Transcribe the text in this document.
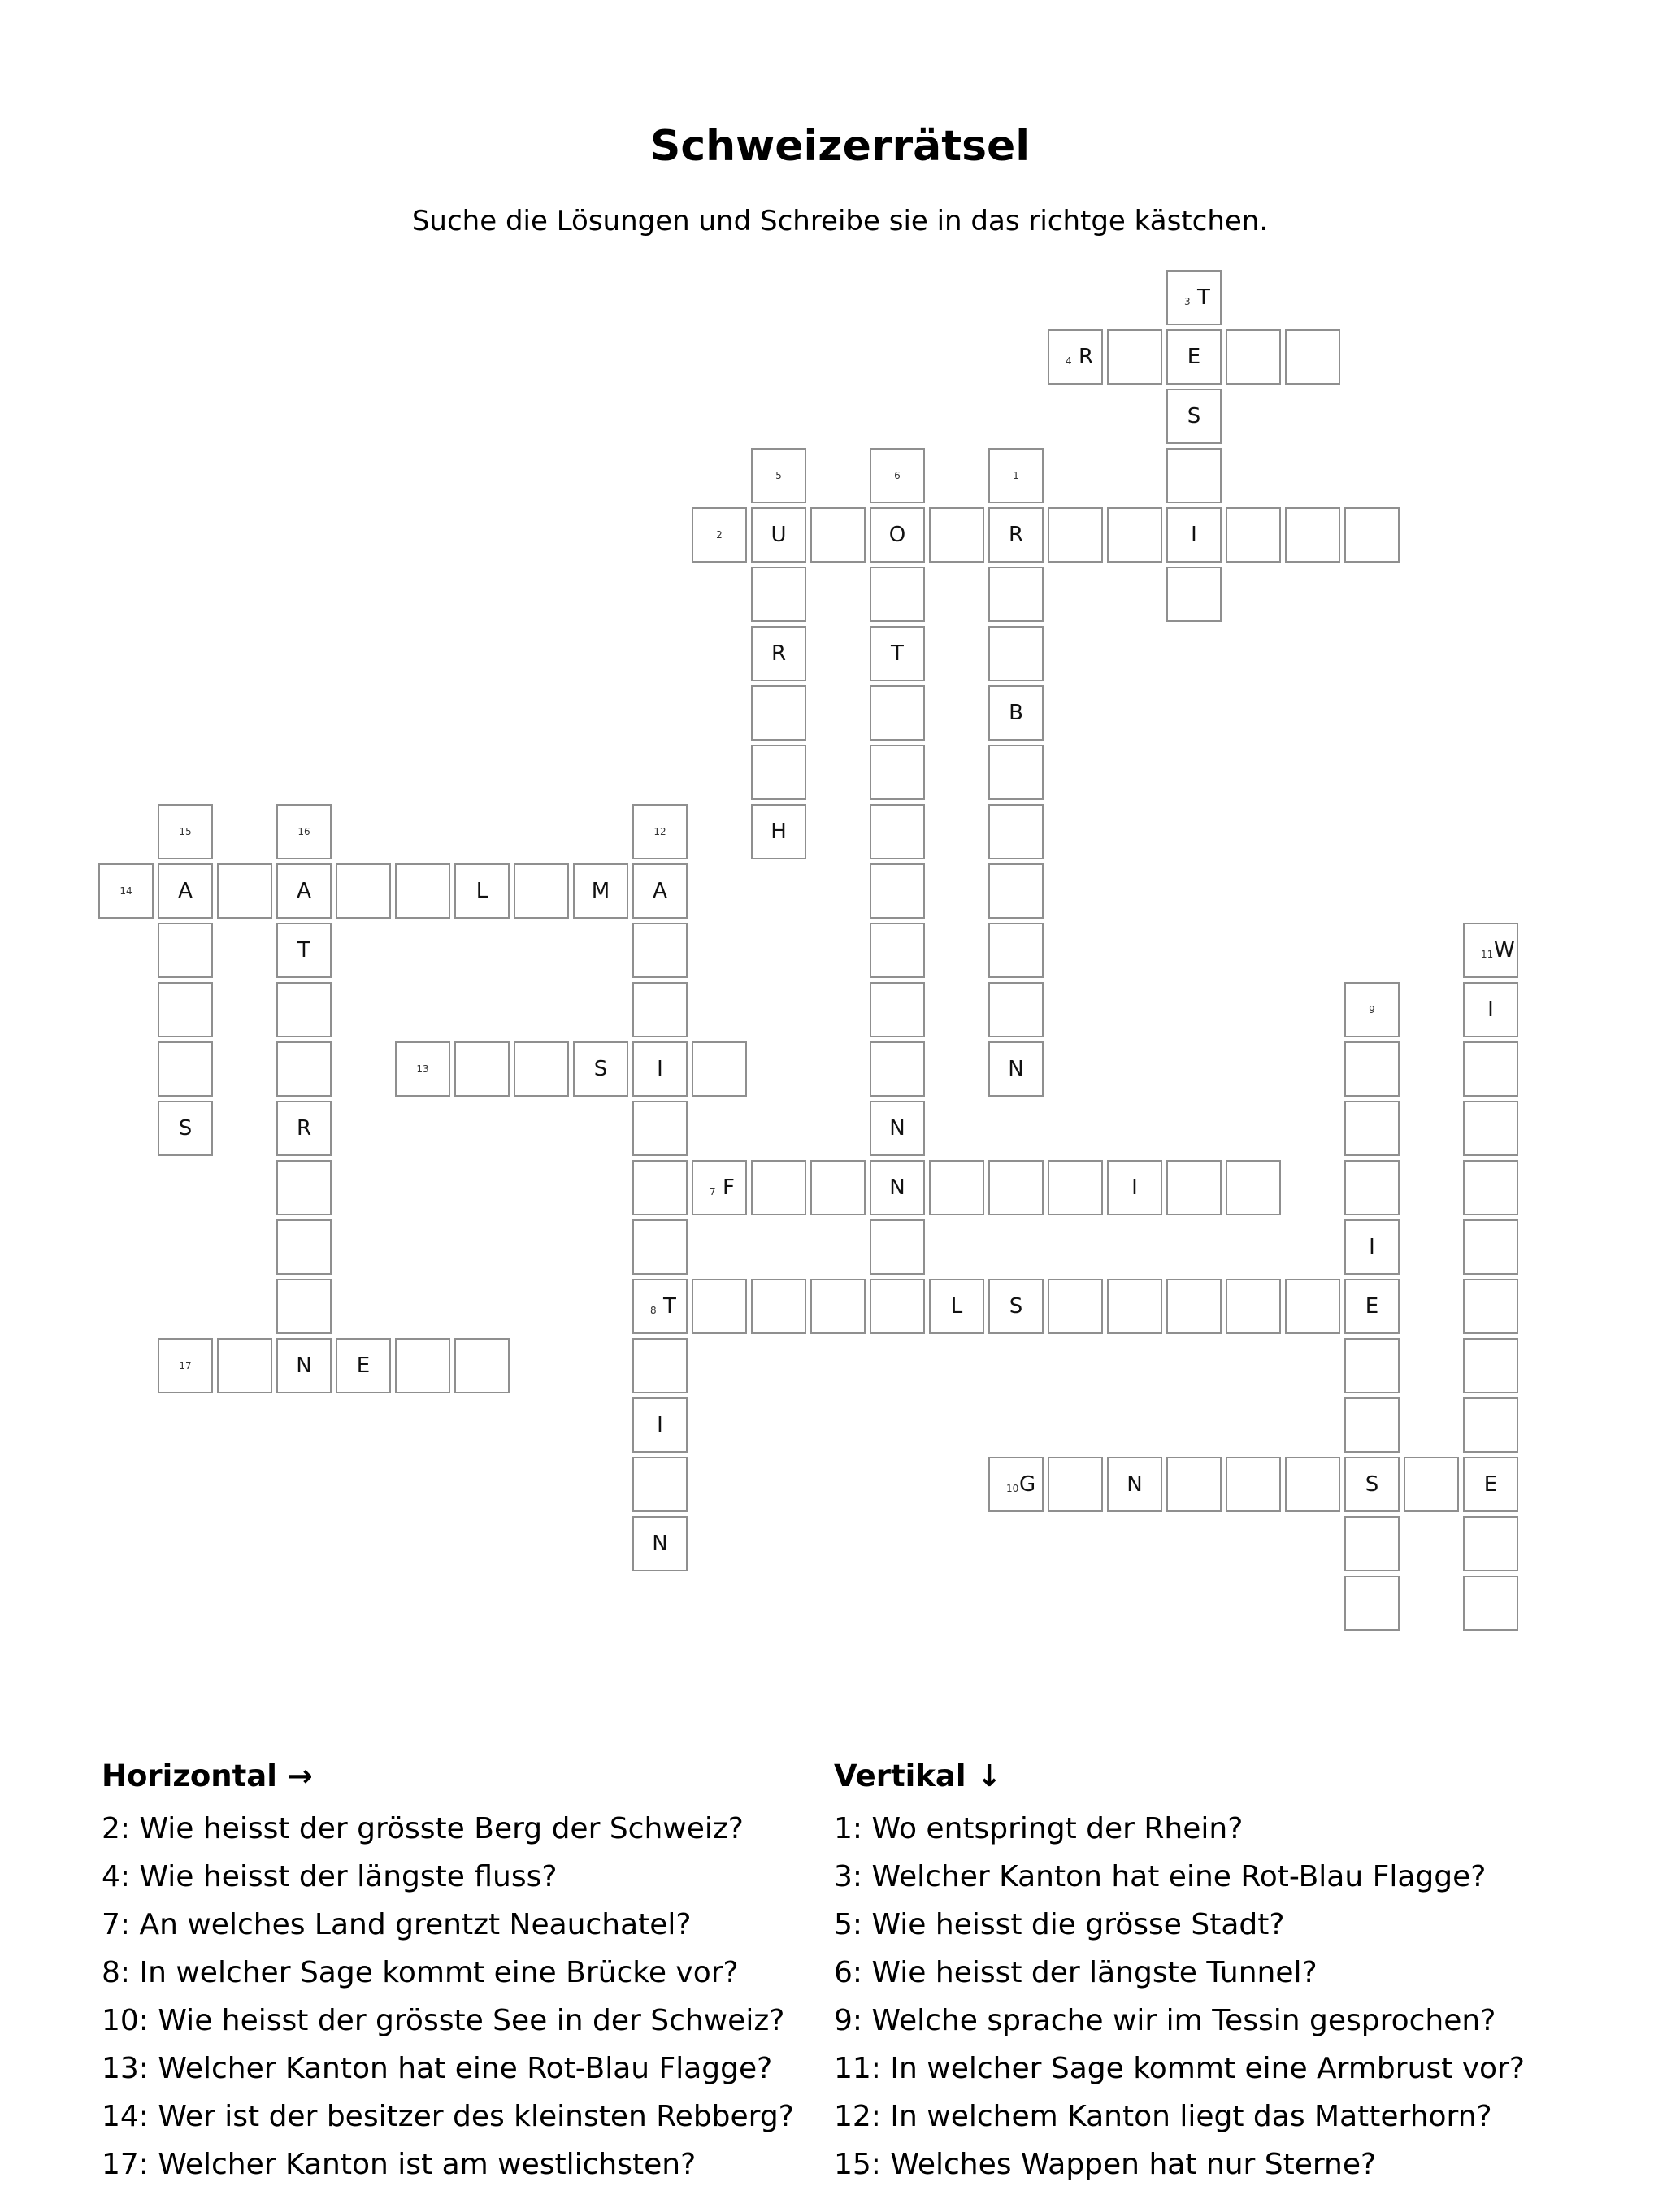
Schweizerrätsel
Suche die Lösungen und Schreibe sie in das richtge kästchen.
3 T
4 R	E
S
5	6	1
2	U	O	R	I
R	T
B
15	16	12	H
14	A	A	L	M	A
T	11 W
9	I
13	S	I	N
S	R	N
7 F	N	I
I
8 T	L	S	E
17	N	E
I
10 G	N	S	E
N
Horizontal →
2: Wie heisst der grösste Berg der Schweiz?
4: Wie heisst der längste fluss?
7: An welches Land grentzt Neauchatel?
8: In welcher Sage kommt eine Brücke vor?
10: Wie heisst der grösste See in der Schweiz?
13: Welcher Kanton hat eine Rot-Blau Flagge?
14: Wer ist der besitzer des kleinsten Rebberg?
17: Welcher Kanton ist am westlichsten?
Vertikal ↓
1: Wo entspringt der Rhein?
3: Welcher Kanton hat eine Rot-Blau Flagge?
5: Wie heisst die grösse Stadt?
6: Wie heisst der längste Tunnel?
9: Welche sprache wir im Tessin gesprochen?
11: In welcher Sage kommt eine Armbrust vor?
12: In welchem Kanton liegt das Matterhorn?
15: Welches Wappen hat nur Sterne?
